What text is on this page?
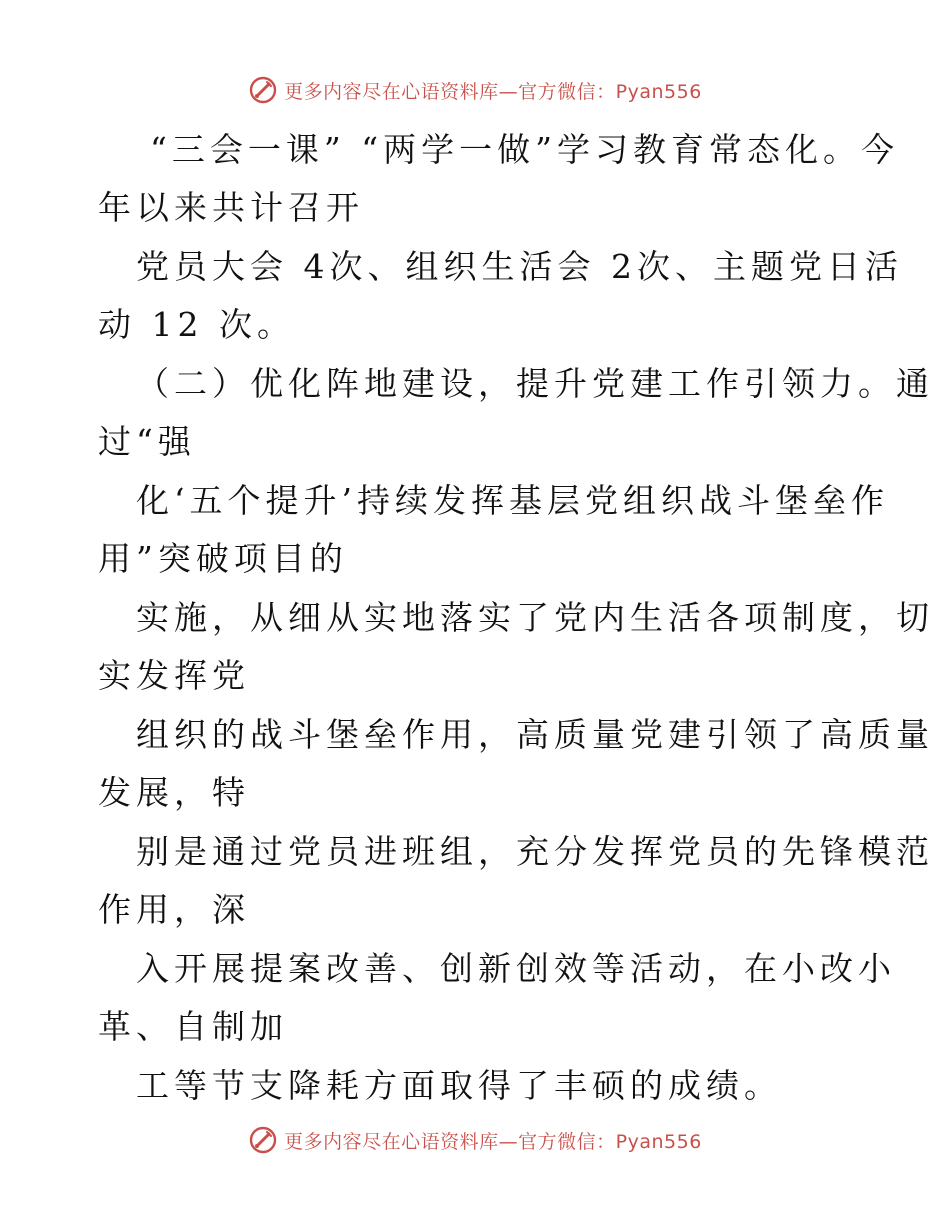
更多内容尽在心语资料库—官方微信：Pyan556
“三会一课” “两学一做”学习教育常态化。今
年以来共计召开
党员大会 4次、组织生活会 2次、主题党日活
动 12 次。
（二）优化阵地建设，提升党建工作引领力。通
过“强
化‘五个提升’持续发挥基层党组织战斗堡垒作
用”突破项目的
实施，从细从实地落实了党内生活各项制度，切
实发挥党
组织的战斗堡垒作用，高质量党建引领了高质量
发展，特
别是通过党员进班组，充分发挥党员的先锋模范
作用，深
入开展提案改善、创新创效等活动，在小改小
革、自制加
工等节支降耗方面取得了丰硕的成绩。
更多内容尽在心语资料库—官方微信：Pyan556
